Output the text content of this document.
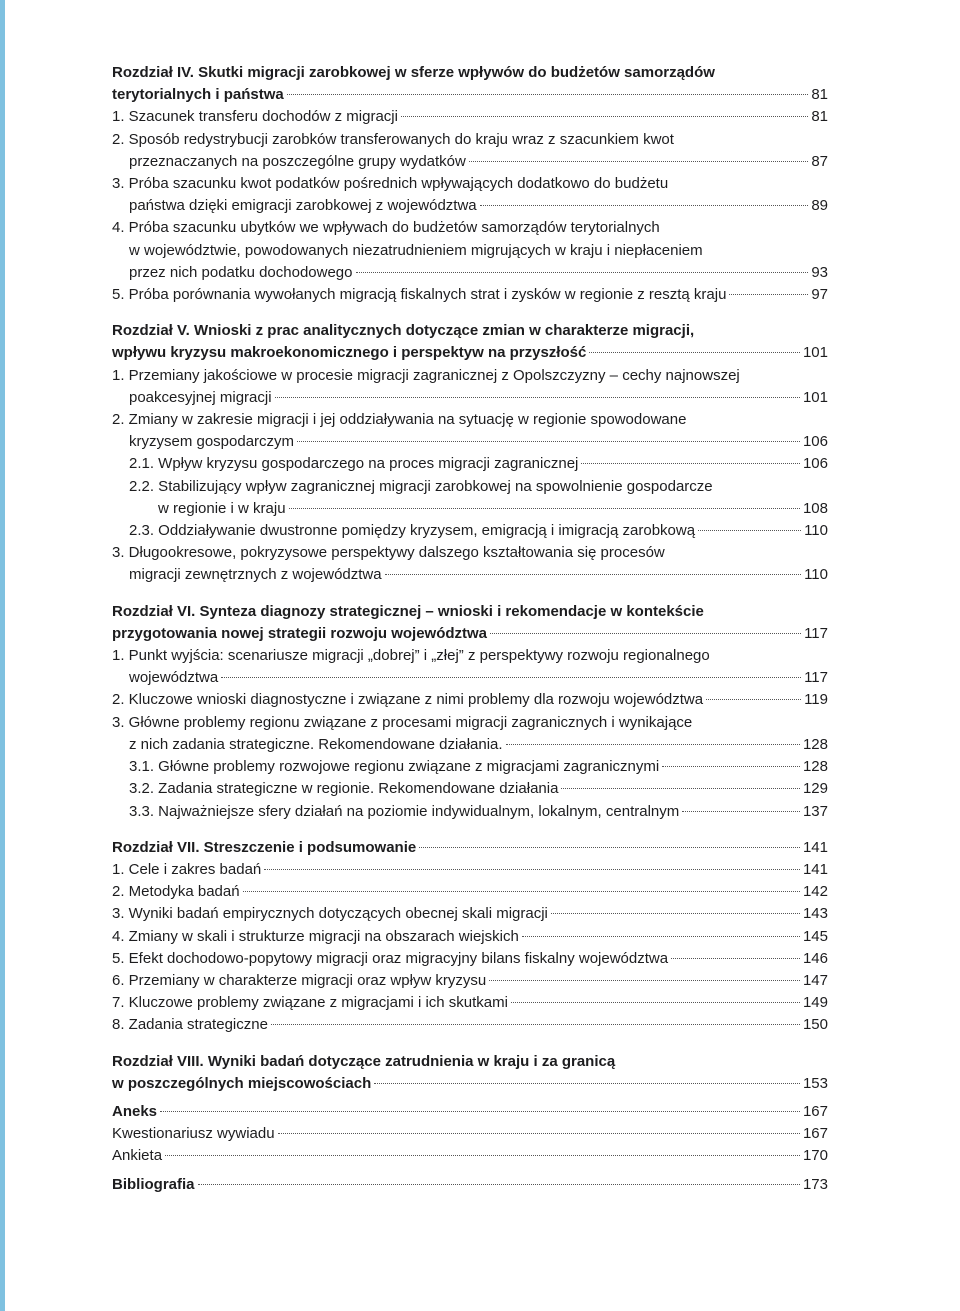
Rozdział IV. Skutki migracji zarobkowej w sferze wpływów do budżetów samorządów
terytorialnych i państwa	81
1. Szacunek transferu dochodów z migracji	81
2. Sposób redystrybucji zarobków transferowanych do kraju wraz z szacunkiem kwot
przeznaczanych na poszczególne grupy wydatków	87
3. Próba szacunku kwot podatków pośrednich wpływających dodatkowo do budżetu
państwa dzięki emigracji zarobkowej z województwa	89
4. Próba szacunku ubytków we wpływach do budżetów samorządów terytorialnych
w województwie, powodowanych niezatrudnieniem migrujących w kraju i niepłaceniem
przez nich podatku dochodowego	93
5. Próba porównania wywołanych migracją fiskalnych strat i zysków w regionie z resztą kraju	97
Rozdział V. Wnioski z prac analitycznych dotyczące zmian w charakterze migracji,
wpływu kryzysu makroekonomicznego i perspektyw na przyszłość	101
1. Przemiany jakościowe w procesie migracji zagranicznej z Opolszczyzny – cechy najnowszej
poakcesyjnej migracji	101
2. Zmiany w zakresie migracji i jej oddziaływania na sytuację w regionie spowodowane
kryzysem gospodarczym	106
2.1. Wpływ kryzysu gospodarczego na proces migracji zagranicznej	106
2.2. Stabilizujący wpływ zagranicznej migracji zarobkowej na spowolnienie gospodarcze
w regionie i w kraju	108
2.3. Oddziaływanie dwustronne pomiędzy kryzysem, emigracją i imigracją zarobkową	110
3. Długookresowe, pokryzysowe perspektywy dalszego kształtowania się procesów
migracji zewnętrznych z województwa	110
Rozdział VI. Synteza diagnozy strategicznej – wnioski i rekomendacje w kontekście
przygotowania nowej strategii rozwoju województwa	117
1. Punkt wyjścia: scenariusze migracji „dobrej” i „złej” z perspektywy rozwoju regionalnego
województwa	117
2. Kluczowe wnioski diagnostyczne i związane z nimi problemy dla rozwoju województwa	119
3. Główne problemy regionu związane z procesami migracji zagranicznych i wynikające
z nich zadania strategiczne. Rekomendowane działania.	128
3.1. Główne problemy rozwojowe regionu związane z migracjami zagranicznymi	128
3.2. Zadania strategiczne w regionie. Rekomendowane działania	129
3.3. Najważniejsze sfery działań na poziomie indywidualnym, lokalnym, centralnym	137
Rozdział VII. Streszczenie i podsumowanie	141
1. Cele i zakres badań	141
2. Metodyka badań	142
3. Wyniki badań empirycznych dotyczących obecnej skali migracji	143
4. Zmiany w skali i strukturze migracji na obszarach wiejskich	145
5. Efekt dochodowo-popytowy migracji oraz migracyjny bilans fiskalny województwa	146
6. Przemiany w charakterze migracji oraz wpływ kryzysu	147
7. Kluczowe problemy związane z migracjami i ich skutkami	149
8. Zadania strategiczne	150
Rozdział VIII. Wyniki badań dotyczące zatrudnienia w kraju i za granicą
w poszczególnych miejscowościach	153
Aneks	167
Kwestionariusz wywiadu	167
Ankieta	170
Bibliografia	173
